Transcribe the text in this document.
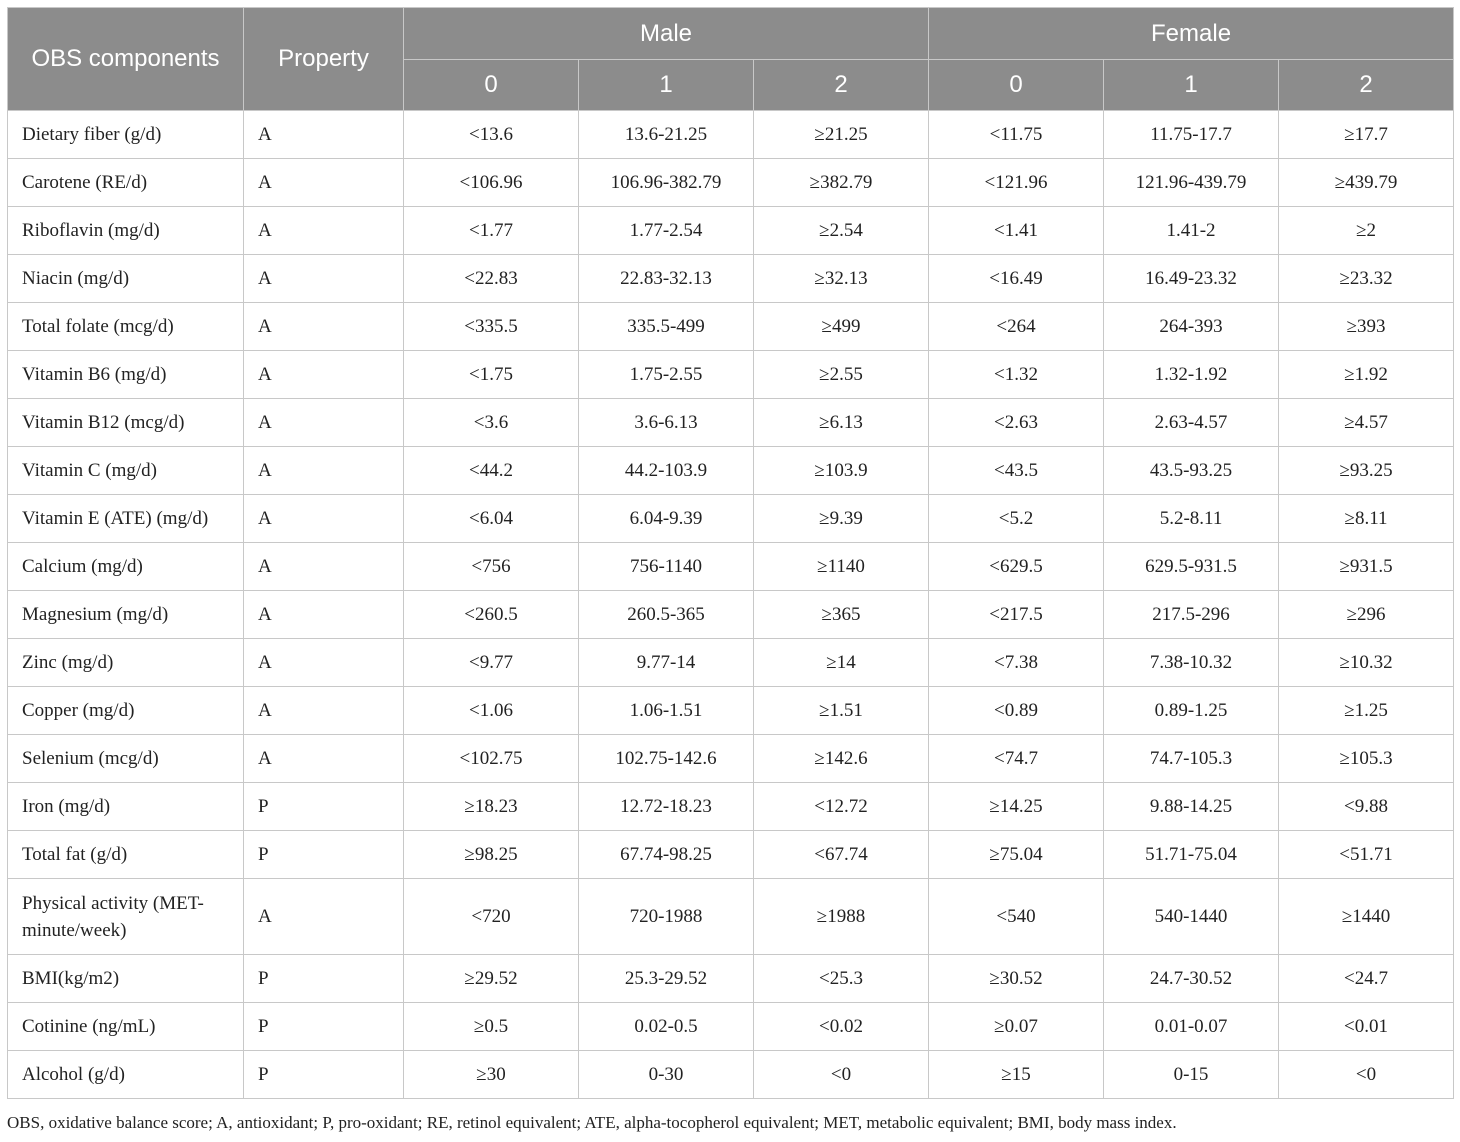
OBS components	Property	Male			Female		
		0	1	2	0	1	2
Dietary fiber (g/d)	A	<13.6	13.6-21.25	≥21.25	<11.75	11.75-17.7	≥17.7
Carotene (RE/d)	A	<106.96	106.96-382.79	≥382.79	<121.96	121.96-439.79	≥439.79
Riboflavin (mg/d)	A	<1.77	1.77-2.54	≥2.54	<1.41	1.41-2	≥2
Niacin (mg/d)	A	<22.83	22.83-32.13	≥32.13	<16.49	16.49-23.32	≥23.32
Total folate (mcg/d)	A	<335.5	335.5-499	≥499	<264	264-393	≥393
Vitamin B6 (mg/d)	A	<1.75	1.75-2.55	≥2.55	<1.32	1.32-1.92	≥1.92
Vitamin B12 (mcg/d)	A	<3.6	3.6-6.13	≥6.13	<2.63	2.63-4.57	≥4.57
Vitamin C (mg/d)	A	<44.2	44.2-103.9	≥103.9	<43.5	43.5-93.25	≥93.25
Vitamin E (ATE) (mg/d)	A	<6.04	6.04-9.39	≥9.39	<5.2	5.2-8.11	≥8.11
Calcium (mg/d)	A	<756	756-1140	≥1140	<629.5	629.5-931.5	≥931.5
Magnesium (mg/d)	A	<260.5	260.5-365	≥365	<217.5	217.5-296	≥296
Zinc (mg/d)	A	<9.77	9.77-14	≥14	<7.38	7.38-10.32	≥10.32
Copper (mg/d)	A	<1.06	1.06-1.51	≥1.51	<0.89	0.89-1.25	≥1.25
Selenium (mcg/d)	A	<102.75	102.75-142.6	≥142.6	<74.7	74.7-105.3	≥105.3
Iron (mg/d)	P	≥18.23	12.72-18.23	<12.72	≥14.25	9.88-14.25	<9.88
Total fat (g/d)	P	≥98.25	67.74-98.25	<67.74	≥75.04	51.71-75.04	<51.71
Physical activity (MET-minute/week)	A	<720	720-1988	≥1988	<540	540-1440	≥1440
BMI(kg/m2)	P	≥29.52	25.3-29.52	<25.3	≥30.52	24.7-30.52	<24.7
Cotinine (ng/mL)	P	≥0.5	0.02-0.5	<0.02	≥0.07	0.01-0.07	<0.01
Alcohol (g/d)	P	≥30	0-30	<0	≥15	0-15	<0
OBS, oxidative balance score; A, antioxidant; P, pro-oxidant; RE, retinol equivalent; ATE, alpha-tocopherol equivalent; MET, metabolic equivalent; BMI, body mass index.
